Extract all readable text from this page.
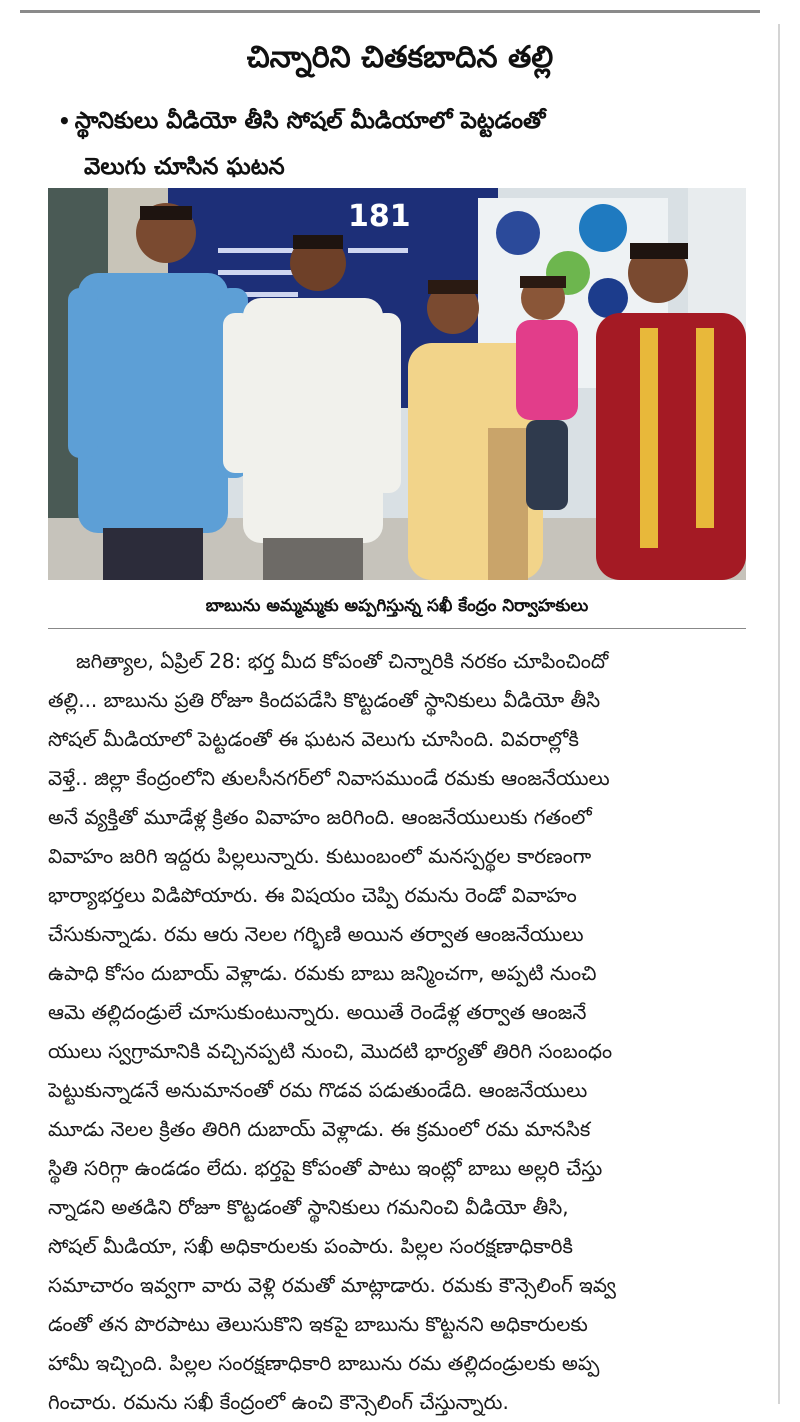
చిన్నారిని చితకబాదిన తల్లి
• స్థానికులు వీడియో తీసి సోషల్ మీడియాలో పెట్టడంతో
వెలుగు చూసిన ఘటన
181
బాబును అమ్మమ్మకు అప్పగిస్తున్న సఖీ కేంద్రం నిర్వాహకులు
జగిత్యాల, ఏప్రిల్ 28: భర్త మీద కోపంతో చిన్నారికి నరకం చూపించిందో
తల్లి... బాబును ప్రతి రోజూ కిందపడేసి కొట్టడంతో స్థానికులు వీడియో తీసి
సోషల్ మీడియాలో పెట్టడంతో ఈ ఘటన వెలుగు చూసింది. వివరాల్లోకి
వెళ్తే.. జిల్లా కేంద్రంలోని తులసీనగర్‌లో నివాసముండే రమకు ఆంజనేయులు
అనే వ్యక్తితో మూడేళ్ల క్రితం వివాహం జరిగింది. ఆంజనేయులుకు గతంలో
వివాహం జరిగి ఇద్దరు పిల్లలున్నారు. కుటుంబంలో మనస్పర్థల కారణంగా
భార్యాభర్తలు విడిపోయారు. ఈ విషయం చెప్పి రమను రెండో వివాహం
చేసుకున్నాడు. రమ ఆరు నెలల గర్భిణి అయిన తర్వాత ఆంజనేయులు
ఉపాధి కోసం దుబాయ్ వెళ్లాడు. రమకు బాబు జన్మించగా, అప్పటి నుంచి
ఆమె తల్లిదండ్రులే చూసుకుంటున్నారు. అయితే రెండేళ్ల తర్వాత ఆంజనే
యులు స్వగ్రామానికి వచ్చినప్పటి నుంచి, మొదటి భార్యతో తిరిగి సంబంధం
పెట్టుకున్నాడనే అనుమానంతో రమ గొడవ పడుతుండేది. ఆంజనేయులు
మూడు నెలల క్రితం తిరిగి దుబాయ్ వెళ్లాడు. ఈ క్రమంలో రమ మానసిక
స్థితి సరిగ్గా ఉండడం లేదు. భర్తపై కోపంతో పాటు ఇంట్లో బాబు అల్లరి చేస్తు
న్నాడని అతడిని రోజూ కొట్టడంతో స్థానికులు గమనించి వీడియో తీసి,
సోషల్ మీడియా, సఖీ అధికారులకు పంపారు. పిల్లల సంరక్షణాధికారికి
సమాచారం ఇవ్వగా వారు వెళ్లి రమతో మాట్లాడారు. రమకు కౌన్సెలింగ్ ఇవ్వ
డంతో తన పొరపాటు తెలుసుకొని ఇకపై బాబును కొట్టనని అధికారులకు
హామీ ఇచ్చింది. పిల్లల సంరక్షణాధికారి బాబును రమ తల్లిదండ్రులకు అప్ప
గించారు. రమను సఖీ కేంద్రంలో ఉంచి కౌన్సెలింగ్ చేస్తున్నారు.
